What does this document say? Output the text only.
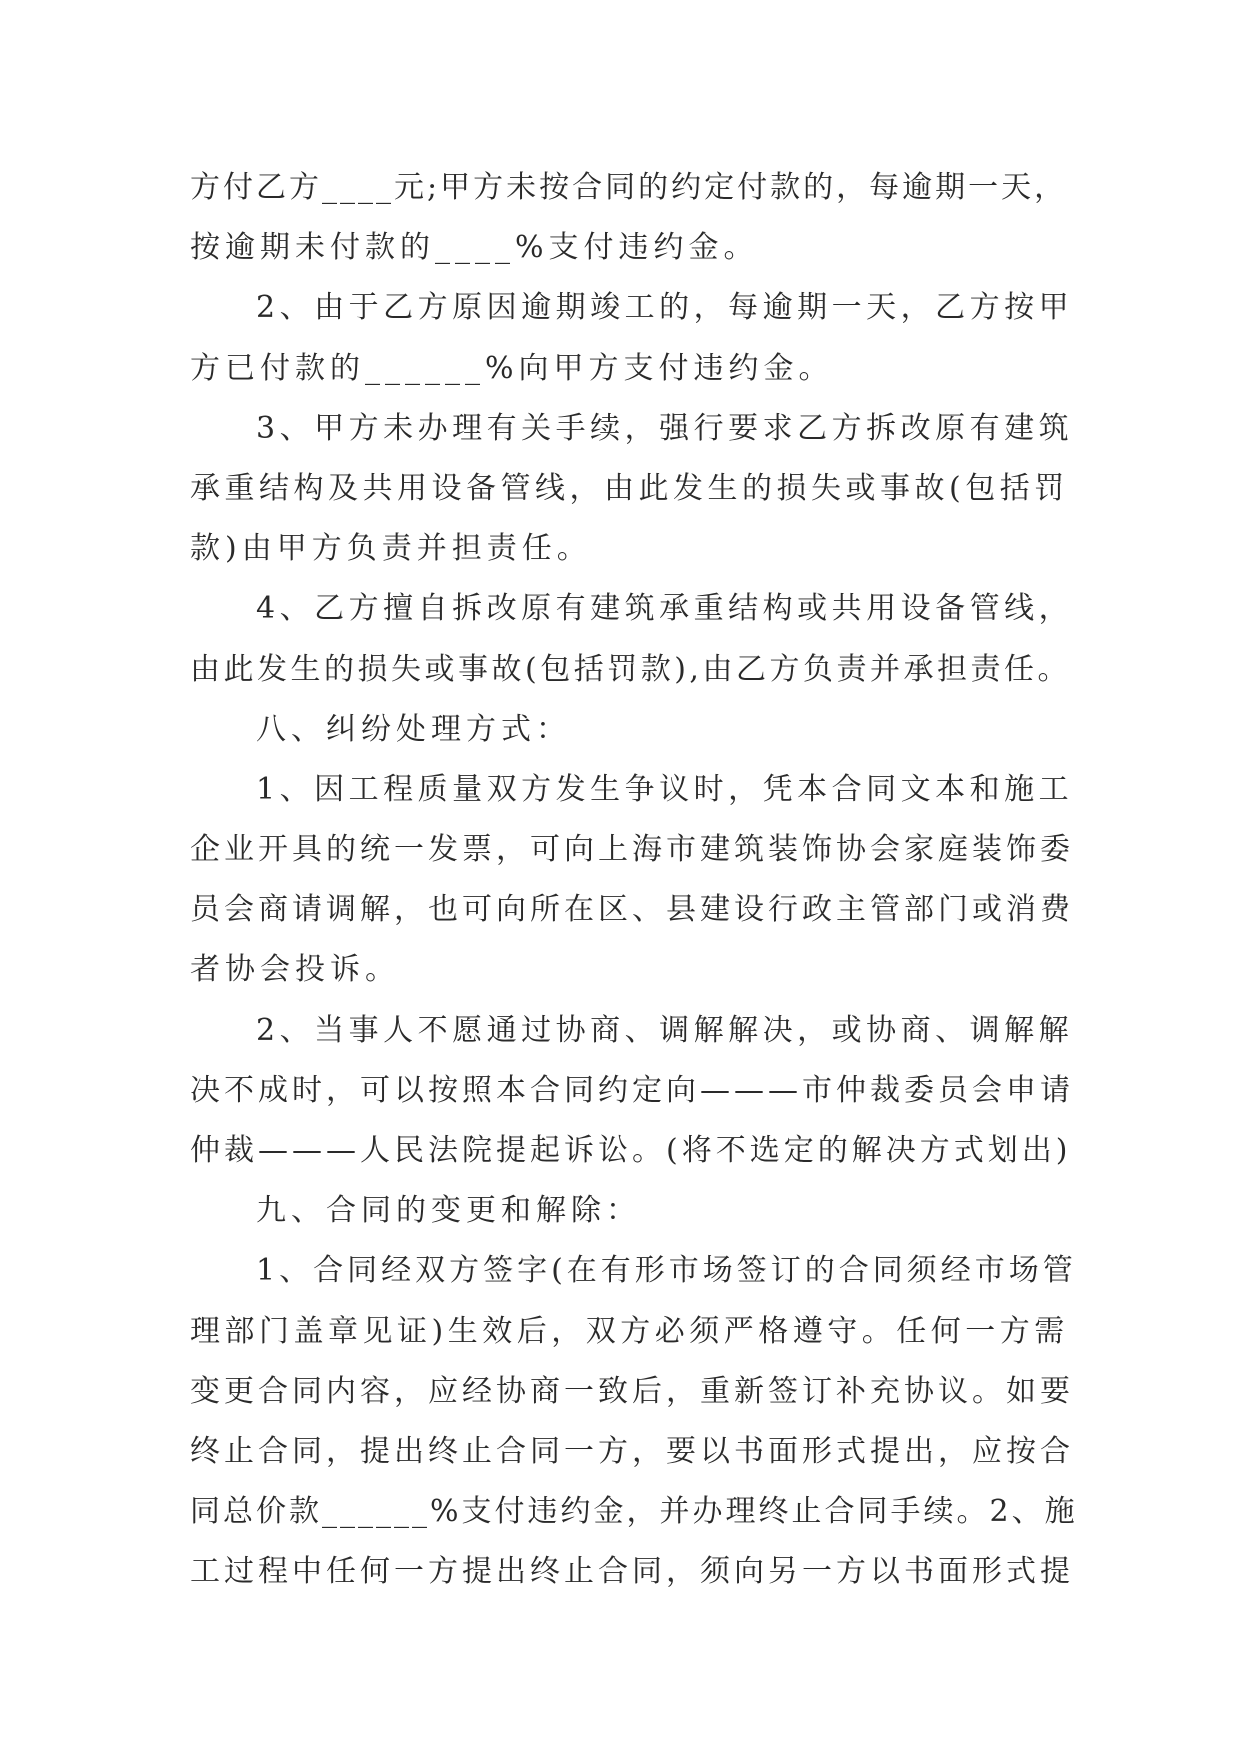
方付乙方____元;甲方未按合同的约定付款的，每逾期一天，
按逾期未付款的____%支付违约金。
2、由于乙方原因逾期竣工的，每逾期一天，乙方按甲
方已付款的______%向甲方支付违约金。
3、甲方未办理有关手续，强行要求乙方拆改原有建筑
承重结构及共用设备管线，由此发生的损失或事故(包括罚
款)由甲方负责并担责任。
4、乙方擅自拆改原有建筑承重结构或共用设备管线，
由此发生的损失或事故(包括罚款),由乙方负责并承担责任。
八、纠纷处理方式：
1、因工程质量双方发生争议时，凭本合同文本和施工
企业开具的统一发票，可向上海市建筑装饰协会家庭装饰委
员会商请调解，也可向所在区、县建设行政主管部门或消费
者协会投诉。
2、当事人不愿通过协商、调解解决，或协商、调解解
决不成时，可以按照本合同约定向———市仲裁委员会申请
仲裁———人民法院提起诉讼。(将不选定的解决方式划出)
九、合同的变更和解除：
1、合同经双方签字(在有形市场签订的合同须经市场管
理部门盖章见证)生效后，双方必须严格遵守。任何一方需
变更合同内容，应经协商一致后，重新签订补充协议。如要
终止合同，提出终止合同一方，要以书面形式提出，应按合
同总价款______%支付违约金，并办理终止合同手续。2、施
工过程中任何一方提出终止合同，须向另一方以书面形式提
